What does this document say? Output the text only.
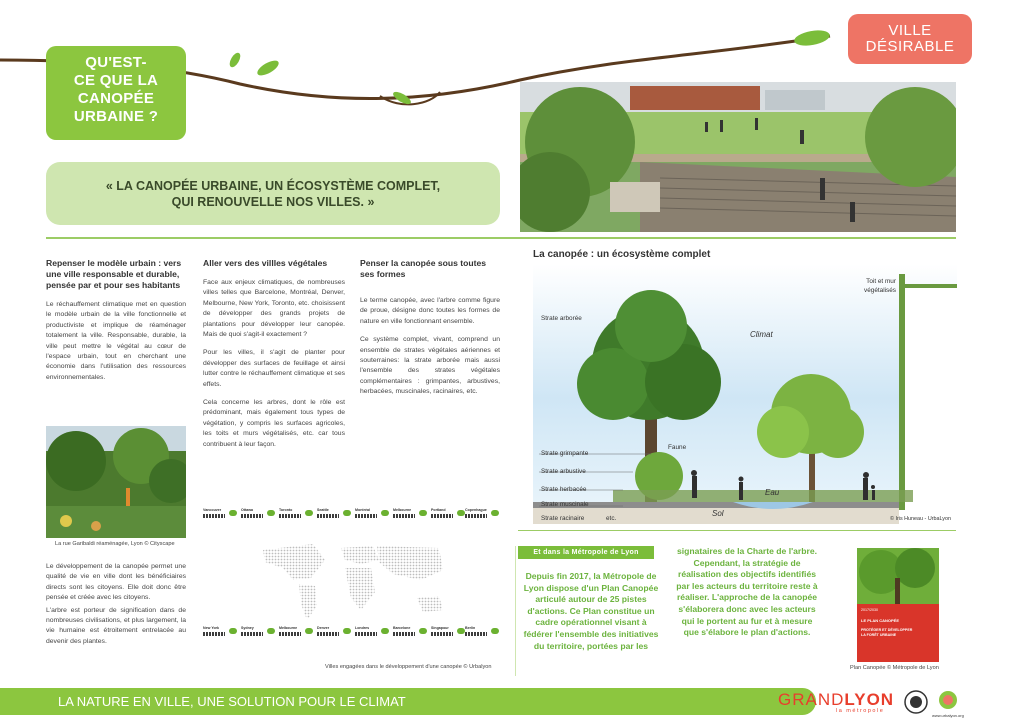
QU'EST-
CE QUE LA
CANOPÉE
URBAINE ?
VILLE
DÉSIRABLE
« LA CANOPÉE URBAINE, UN ÉCOSYSTÈME COMPLET,
QUI RENOUVELLE NOS VILLES. »
Repenser le modèle urbain : vers une ville responsable et durable, pensée par et pour ses habitants

Le réchauffement climatique met en question le modèle urbain de la ville fonctionnelle et productiviste et implique de réaménager totalement la ville. Responsable, durable, la ville peut mettre le végétal au cœur de l'espace urbain, tout en cherchant une économie dans l'utilisation des ressources environnementales.

La rue Garibaldi réaménagée, Lyon © Cityscape

Le développement de la canopée permet une qualité de vie en ville dont les bénéficiaires directs sont les citoyens. Elle doit donc être pensée et créée avec les citoyens.

L'arbre est porteur de signification dans de nombreuses civilisations, et plus largement, la vie humaine est étroitement entrelacée au devenir des plantes.

Aller vers des villles végétales

Face aux enjeux climatiques, de nombreuses villes telles que Barcelone, Montréal, Denver, Melbourne, New York, Toronto, etc. choisissent de développer des grands projets de plantations pour développer leur canopée. Mais de quoi s'agit-il exactement ?

Pour les villes, il s'agit de planter pour développer des surfaces de feuillage et ainsi lutter contre le réchauffement climatique et ses effets.

Cela concerne les arbres, dont le rôle est prédominant, mais également tous types de végétation, y compris les surfaces agricoles, les toits et murs végétalisés, etc. car tous contribuent à leur façon.

Penser la canopée sous toutes ses formes

Le terme canopée, avec l'arbre comme figure de proue, désigne donc toutes les formes de nature en ville fonctionnant ensemble.

Ce système complet, vivant, comprend un ensemble de strates végétales aériennes et souterraines: la strate arborée mais aussi l'ensemble des strates végétales complémentaires : grimpantes, arbustives, herbacées, muscinales, racinaires, etc.

Vancouver	Ottawa	Toronto	Seattle	Montréal	Melbourne	Portland	Copenhague
New York	Sydney	Melbourne	Denver	Londres	Barcelone	Singapour	Berlin
Villes engagées dans le développement d'une canopée © Urbalyon
La canopée : un écosystème complet
Toit et mur végétalisés
Strate arborée
Climat
Faune
Strate grimpante
Strate arbustive
Strate herbacée	Eau
Strate muscinale
Sol
Strate racinaire	etc.	© Iris Huneau - UrbaLyon
Et dans la Métropole de Lyon
Depuis fin 2017, la Métropole de Lyon dispose d'un Plan Canopée articulé autour de 25 pistes d'actions. Ce Plan constitue un cadre opérationnel visant à fédérer l'ensemble des initiatives du territoire, portées par les
signataires de la Charte de l'arbre. Cependant, la stratégie de réalisation des objectifs identifiés par les acteurs du territoire reste à réaliser. L'approche de la canopée s'élaborera donc avec les acteurs qui le portent au fur et à mesure que s'élabore le plan d'actions.
2017/2030
LE PLAN CANOPÉE
PROTÉGER ET DÉVELOPPER
LA FORÊT URBAINE
Plan Canopée © Métropole de Lyon
LA NATURE EN VILLE, UNE SOLUTION POUR LE CLIMAT	GRANDLYON
la métropole
www.urbalyon.org
